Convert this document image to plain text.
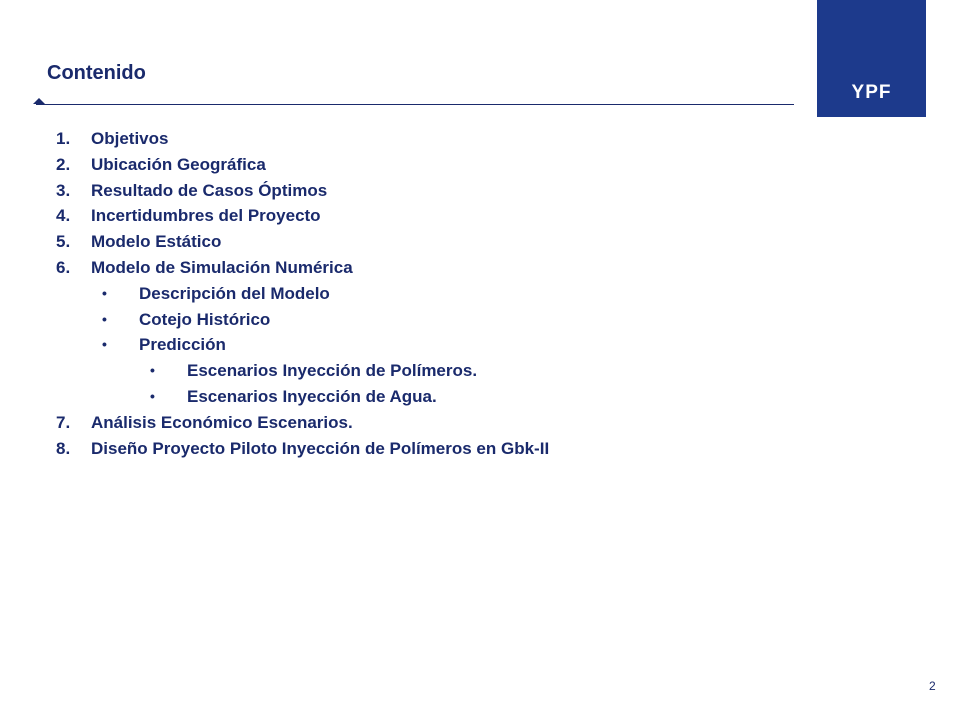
YPF
Contenido
1. Objetivos
2. Ubicación Geográfica
3. Resultado de Casos Óptimos
4. Incertidumbres del Proyecto
5. Modelo Estático
6. Modelo de Simulación Numérica
• Descripción del Modelo
• Cotejo Histórico
• Predicción
• Escenarios Inyección de Polímeros.
• Escenarios Inyección de Agua.
7. Análisis Económico Escenarios.
8. Diseño Proyecto Piloto Inyección de Polímeros en Gbk-II
2
